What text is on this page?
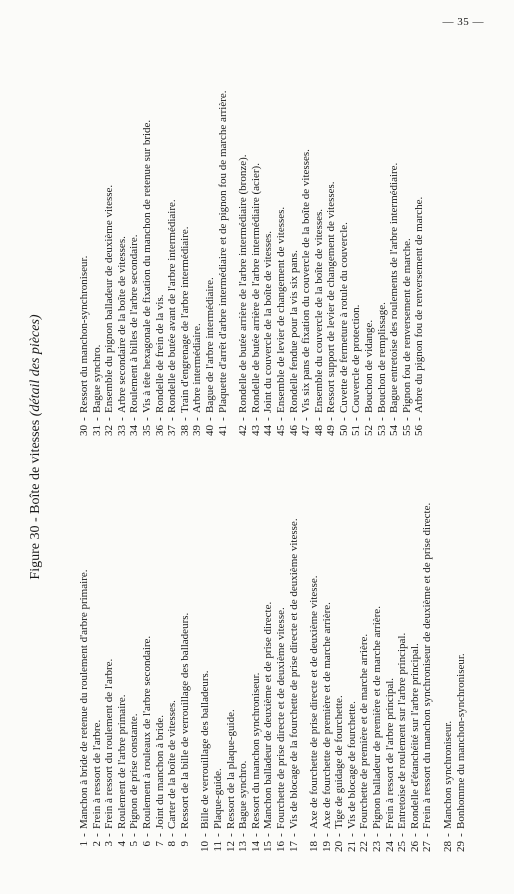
— 35 —
Figure 30 - Boîte de vitesses (détail des pièces)
1
-
Manchon à bride de retenue du roulement d'arbre primaire.
2
-
Frein à ressort de l'arbre.
3
-
Frein à ressort du roulement de l'arbre.
4
-
Roulement de l'arbre primaire.
5
-
Pignon de prise constante.
6
-
Roulement à rouleaux de l'arbre secondaire.
7
-
Joint du manchon à bride.
8
-
Carter de la boîte de vitesses.
9
-
Ressort de la bille de verrouillage des balladeurs.
10
-
Bille de verrouillage des balladeurs.
11
-
Plaque-guide.
12
-
Ressort de la plaque-guide.
13
-
Bague synchro.
14
-
Ressort du manchon synchroniseur.
15
-
Manchon balladeur de deuxième et de prise directe.
16
-
Fourchette de prise directe et de deuxième vitesse.
17
-
Vis de blocage de la fourchette de prise directe et de deuxième vitesse.
18
-
Axe de fourchette de prise directe et de deuxième vitesse.
19
-
Axe de fourchette de première et de marche arrière.
20
-
Tige de guidage de fourchette.
21
-
Vis de blocage de fourchette.
22
-
Fourchette de première et de marche arrière.
23
-
Pignon balladeur de première et de marche arrière.
24
-
Frein à ressort de l'arbre principal.
25
-
Entretoise de roulement sur l'arbre principal.
26
-
Rondelle d'étanchéité sur l'arbre principal.
27
-
Frein à ressort du manchon synchroniseur de deuxième et de prise directe.
28
-
Manchon synchroniseur.
29
-
Bonhomme du manchon-synchroniseur.
30
-
Ressort du manchon-synchroniseur.
31
-
Bague synchro.
32
-
Ensemble du pignon balladeur de deuxième vitesse.
33
-
Arbre secondaire de la boîte de vitesses.
34
-
Roulement à billes de l'arbre secondaire.
35
-
Vis à tête hexagonale de fixation du manchon de retenue sur bride.
36
-
Rondelle de frein de la vis.
37
-
Rondelle de butée avant de l'arbre intermédiaire.
38
-
Train d'engrenage de l'arbre intermédiaire.
39
-
Arbre intermédiaire.
40
-
Bague de l'arbre intermédiaire.
41
-
Plaquette d'arrêt d'arbre intermédiaire et de pignon fou de marche arrière.
42
-
Rondelle de butée arrière de l'arbre intermédiaire (bronze).
43
-
Rondelle de butée arrière de l'arbre intermédiaire (acier).
44
-
Joint du couvercle de la boîte de vitesses.
45
-
Ensemble de levier de changement de vitesses.
46
-
Rondelle fendue pour la vis six pans.
47
-
Vis six pans de fixation du couvercle de la boîte de vitesses.
48
-
Ensemble du couvercle de la boîte de vitesses.
49
-
Ressort support de levier de changement de vitesses.
50
-
Cuvette de fermeture à rotule du couvercle.
51
-
Couvercle de protection.
52
-
Bouchon de vidange.
53
-
Bouchon de remplissage.
54
-
Bague entretoise des roulements de l'arbre intermédiaire.
55
-
Pignon fou de renversement de marche.
56
-
Arbre du pignon fou de renversement de marche.
